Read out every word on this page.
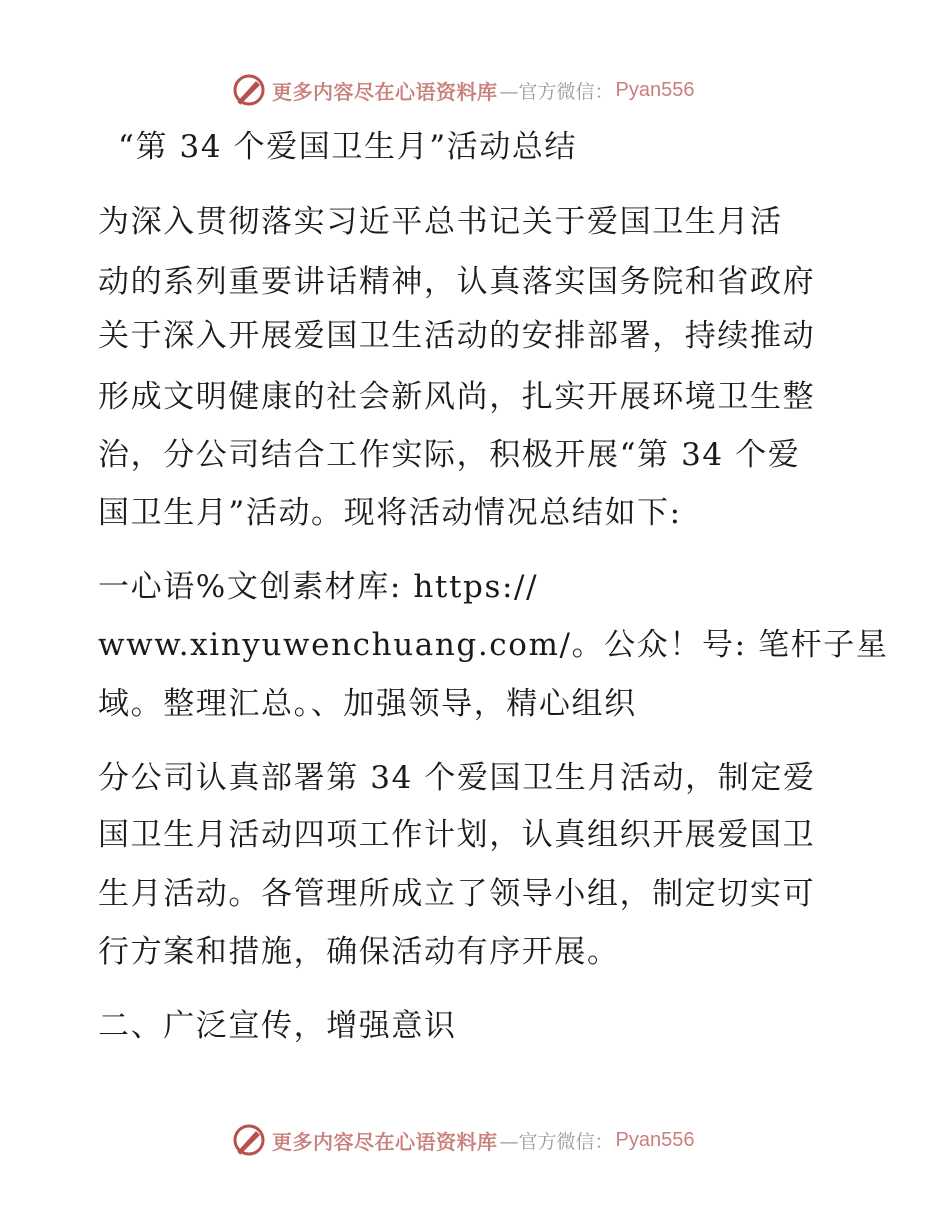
更多内容尽在心语资料库 —官方微信： Pyan556
“第 34 个爱国卫生月”活动总结
为深入贯彻落实习近平总书记关于爱国卫生月活
动的系列重要讲话精神，认真落实国务院和省政府
关于深入开展爱国卫生活动的安排部署，持续推动
形成文明健康的社会新风尚，扎实开展环境卫生整
治，分公司结合工作实际，积极开展“第 34 个爱
国卫生月”活动。现将活动情况总结如下:
一心语%文创素材库: https://
www.xinyuwenchuang.com/。公众！号: 笔杆子星
域。整理汇总。、加强领导，精心组织
分公司认真部署第 34 个爱国卫生月活动，制定爱
国卫生月活动四项工作计划，认真组织开展爱国卫
生月活动。各管理所成立了领导小组，制定切实可
行方案和措施，确保活动有序开展。
二、广泛宣传，增强意识
更多内容尽在心语资料库 —官方微信： Pyan556
